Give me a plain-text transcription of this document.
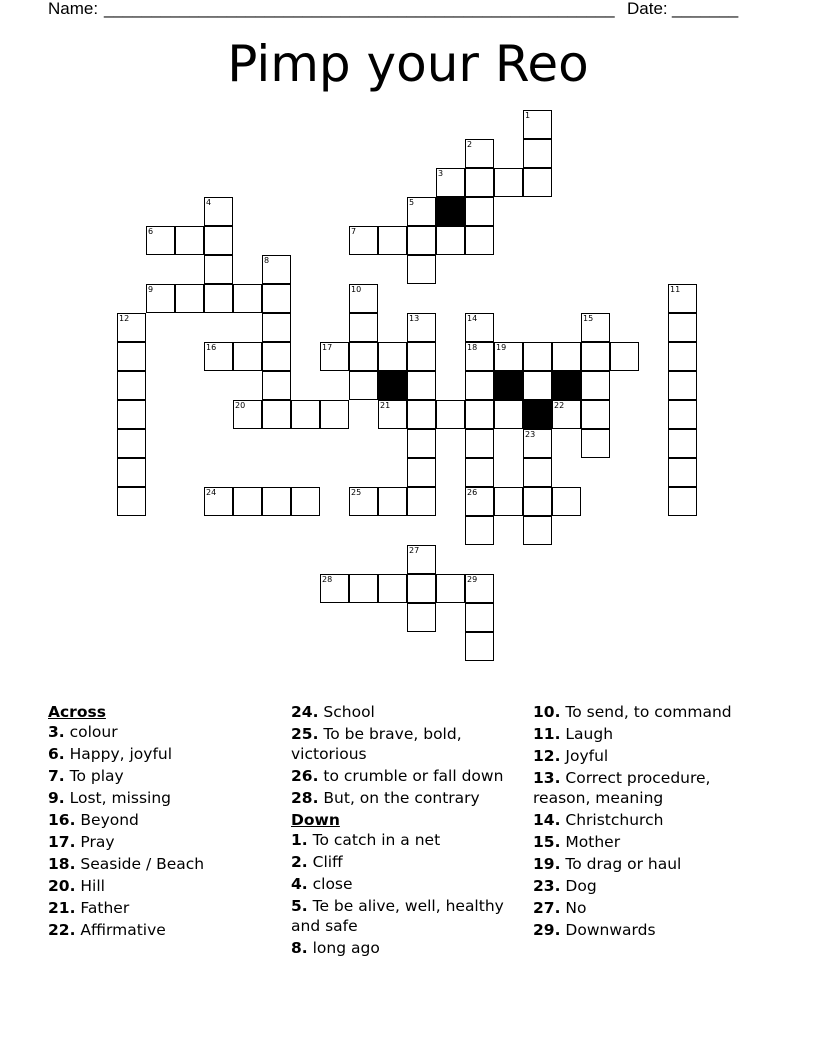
Name: ______________________________________________________ Date: _______
Pimp your Reo
1
2
3
4	5
6	7
8
9	10	11
12	13	14	15
16	17	18 19
20	21	22
23
24	25	26
27
28	29
Across
3. colour
6. Happy, joyful
7. To play
9. Lost, missing
16. Beyond
17. Pray
18. Seaside / Beach
20. Hill
21. Father
22. Affirmative
24. School
25. To be brave, bold, victorious
26. to crumble or fall down
28. But, on the contrary
Down
1. To catch in a net
2. Cliff
4. close
5. Te be alive, well, healthy and safe
8. long ago
10. To send, to command
11. Laugh
12. Joyful
13. Correct procedure, reason, meaning
14. Christchurch
15. Mother
19. To drag or haul
23. Dog
27. No
29. Downwards
